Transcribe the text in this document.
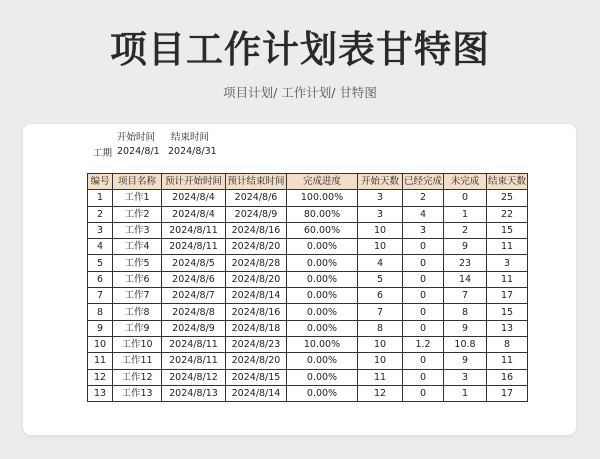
项目工作计划表甘特图
项目计划/ 工作计划/ 甘特图
开始时间 结束时间
工期 2024/8/1 2024/8/31
编号	项目名称	预计开始时间	预计结束时间	完成进度	开始天数	已经完成	未完成	结束天数
1	工作1	2024/8/4	2024/8/6	100.00%	3	2	0	25
2	工作2	2024/8/4	2024/8/9	80.00%	3	4	1	22
3	工作3	2024/8/11	2024/8/16	60.00%	10	3	2	15
4	工作4	2024/8/11	2024/8/20	0.00%	10	0	9	11
5	工作5	2024/8/5	2024/8/28	0.00%	4	0	23	3
6	工作6	2024/8/6	2024/8/20	0.00%	5	0	14	11
7	工作7	2024/8/7	2024/8/14	0.00%	6	0	7	17
8	工作8	2024/8/8	2024/8/16	0.00%	7	0	8	15
9	工作9	2024/8/9	2024/8/18	0.00%	8	0	9	13
10	工作10	2024/8/11	2024/8/23	10.00%	10	1.2	10.8	8
11	工作11	2024/8/11	2024/8/20	0.00%	10	0	9	11
12	工作12	2024/8/12	2024/8/15	0.00%	11	0	3	16
13	工作13	2024/8/13	2024/8/14	0.00%	12	0	1	17
